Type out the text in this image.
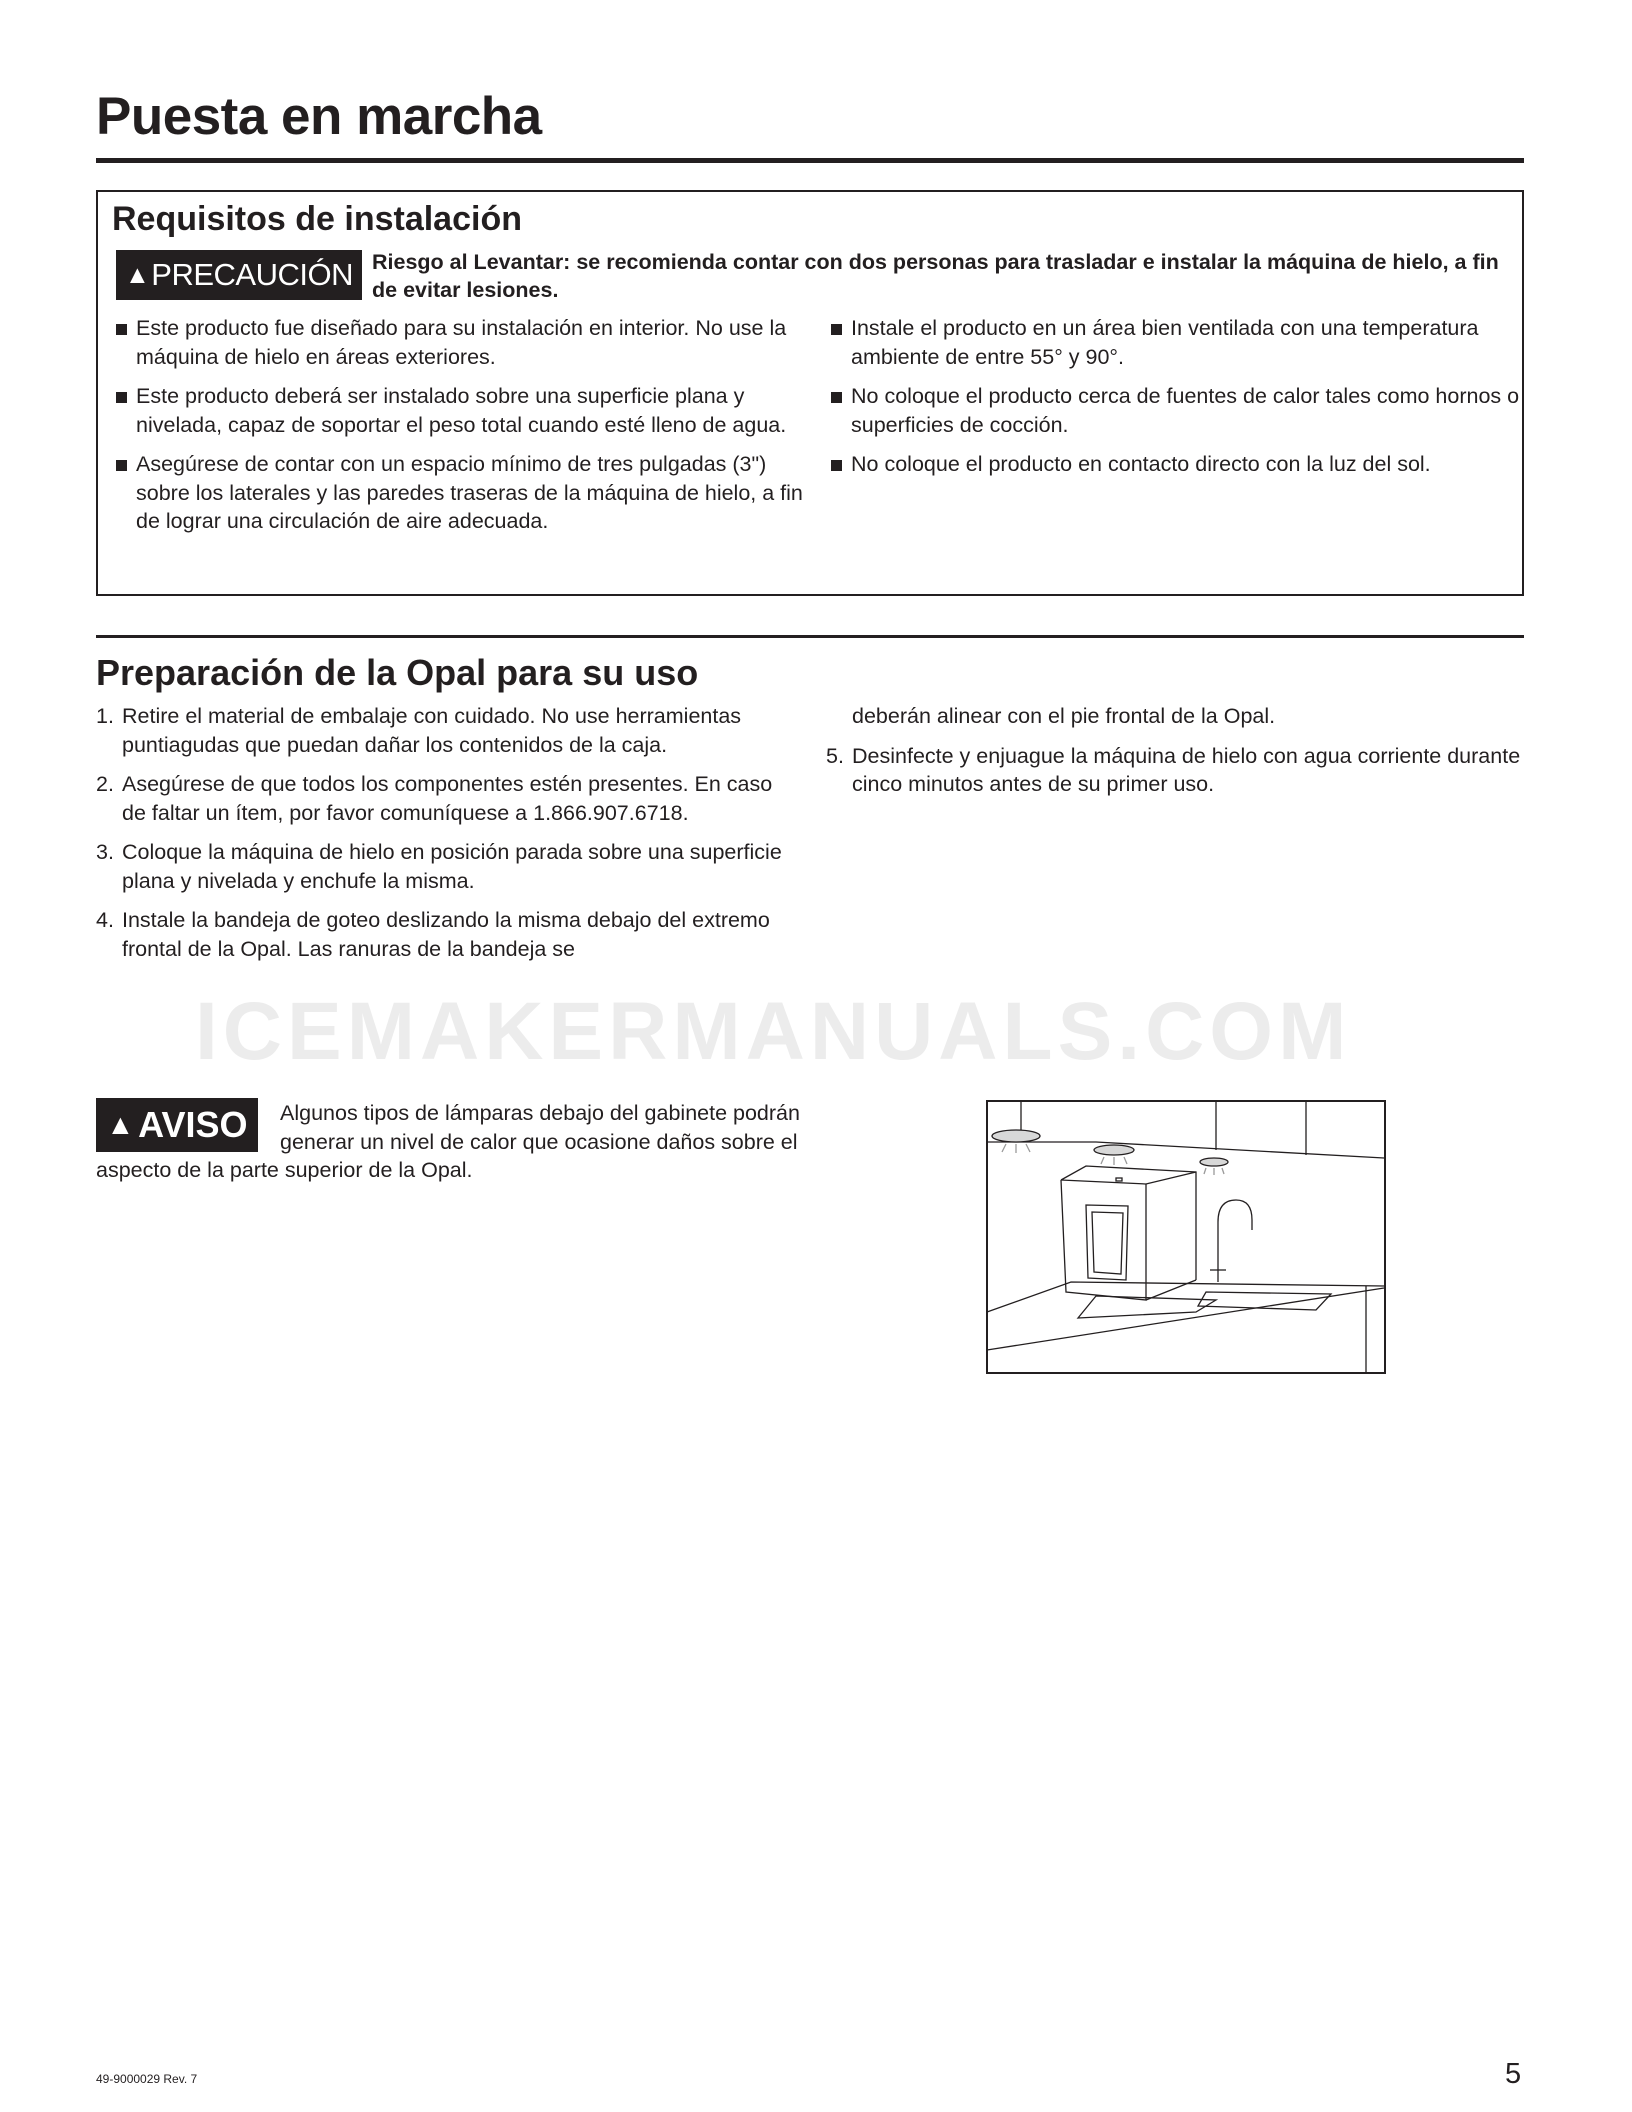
Puesta en marcha
Requisitos de instalación
▲ PRECAUCIÓN Riesgo al Levantar: se recomienda contar con dos personas para trasladar e instalar la máquina de hielo, a fin de evitar lesiones.

Este producto fue diseñado para su instalación en interior. No use la máquina de hielo en áreas exteriores.
Este producto deberá ser instalado sobre una superficie plana y nivelada, capaz de soportar el peso total cuando esté lleno de agua.
Asegúrese de contar con un espacio mínimo de tres pulgadas (3") sobre los laterales y las paredes traseras de la máquina de hielo, a fin de lograr una circulación de aire adecuada.
Instale el producto en un área bien ventilada con una temperatura ambiente de entre 55° y 90°.
No coloque el producto cerca de fuentes de calor tales como hornos o superficies de cocción.
No coloque el producto en contacto directo con la luz del sol.
Preparación de la Opal para su uso
1. Retire el material de embalaje con cuidado. No use herramientas puntiagudas que puedan dañar los contenidos de la caja.
2. Asegúrese de que todos los componentes estén presentes. En caso de faltar un ítem, por favor comuníquese a 1.866.907.6718.
3. Coloque la máquina de hielo en posición parada sobre una superficie plana y nivelada y enchufe la misma.
4. Instale la bandeja de goteo deslizando la misma debajo del extremo frontal de la Opal. Las ranuras de la bandeja se

deberán alinear con el pie frontal de la Opal.

5. Desinfecte y enjuague la máquina de hielo con agua corriente durante cinco minutos antes de su primer uso.
ICEMAKERMANUALS.COM
▲ AVISO Algunos tipos de lámparas debajo del gabinete podrán generar un nivel de calor que ocasione daños sobre el

aspecto de la parte superior de la Opal.

49-9000029 Rev. 7	5
